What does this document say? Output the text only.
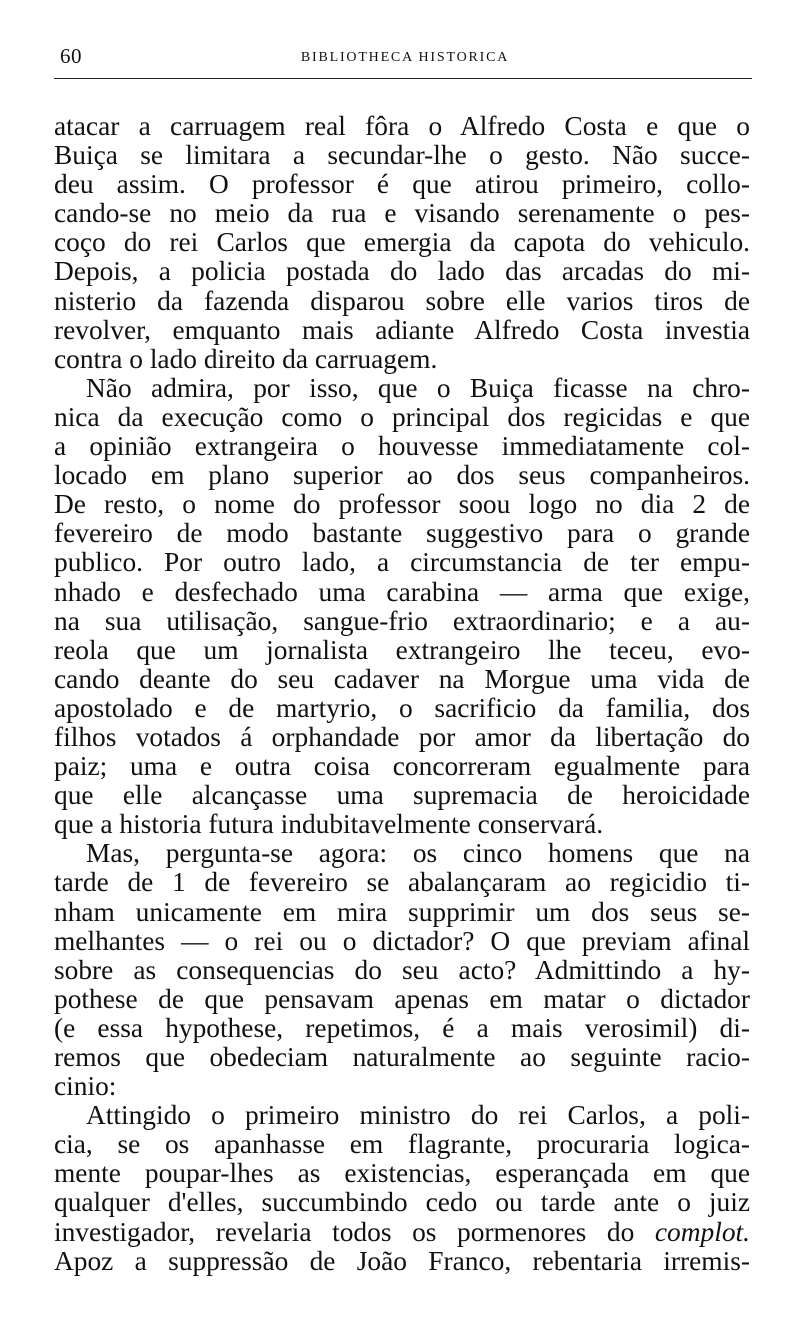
60	BIBLIOTHECA HISTORICA
atacar a carruagem real fôra o Alfredo Costa e que o
Buiça se limitara a secundar-lhe o gesto. Não succe-
deu assim. O professor é que atirou primeiro, collo-
cando-se no meio da rua e visando serenamente o pes-
coço do rei Carlos que emergia da capota do vehiculo.
Depois, a policia postada do lado das arcadas do mi-
nisterio da fazenda disparou sobre elle varios tiros de
revolver, emquanto mais adiante Alfredo Costa investia
contra o lado direito da carruagem.
Não admira, por isso, que o Buiça ficasse na chro-
nica da execução como o principal dos regicidas e que
a opinião extrangeira o houvesse immediatamente col-
locado em plano superior ao dos seus companheiros.
De resto, o nome do professor soou logo no dia 2 de
fevereiro de modo bastante suggestivo para o grande
publico. Por outro lado, a circumstancia de ter empu-
nhado e desfechado uma carabina — arma que exige,
na sua utilisação, sangue-frio extraordinario; e a au-
reola que um jornalista extrangeiro lhe teceu, evo-
cando deante do seu cadaver na Morgue uma vida de
apostolado e de martyrio, o sacrificio da familia, dos
filhos votados á orphandade por amor da libertação do
paiz; uma e outra coisa concorreram egualmente para
que elle alcançasse uma supremacia de heroicidade
que a historia futura indubitavelmente conservará.
Mas, pergunta-se agora: os cinco homens que na
tarde de 1 de fevereiro se abalançaram ao regicidio ti-
nham unicamente em mira supprimir um dos seus se-
melhantes — o rei ou o dictador? O que previam afinal
sobre as consequencias do seu acto? Admittindo a hy-
pothese de que pensavam apenas em matar o dictador
(e essa hypothese, repetimos, é a mais verosimil) di-
remos que obedeciam naturalmente ao seguinte racio-
cinio:
Attingido o primeiro ministro do rei Carlos, a poli-
cia, se os apanhasse em flagrante, procuraria logica-
mente poupar-lhes as existencias, esperançada em que
qualquer d'elles, succumbindo cedo ou tarde ante o juiz
investigador, revelaria todos os pormenores do complot.
Apoz a suppressão de João Franco, rebentaria irremis-
